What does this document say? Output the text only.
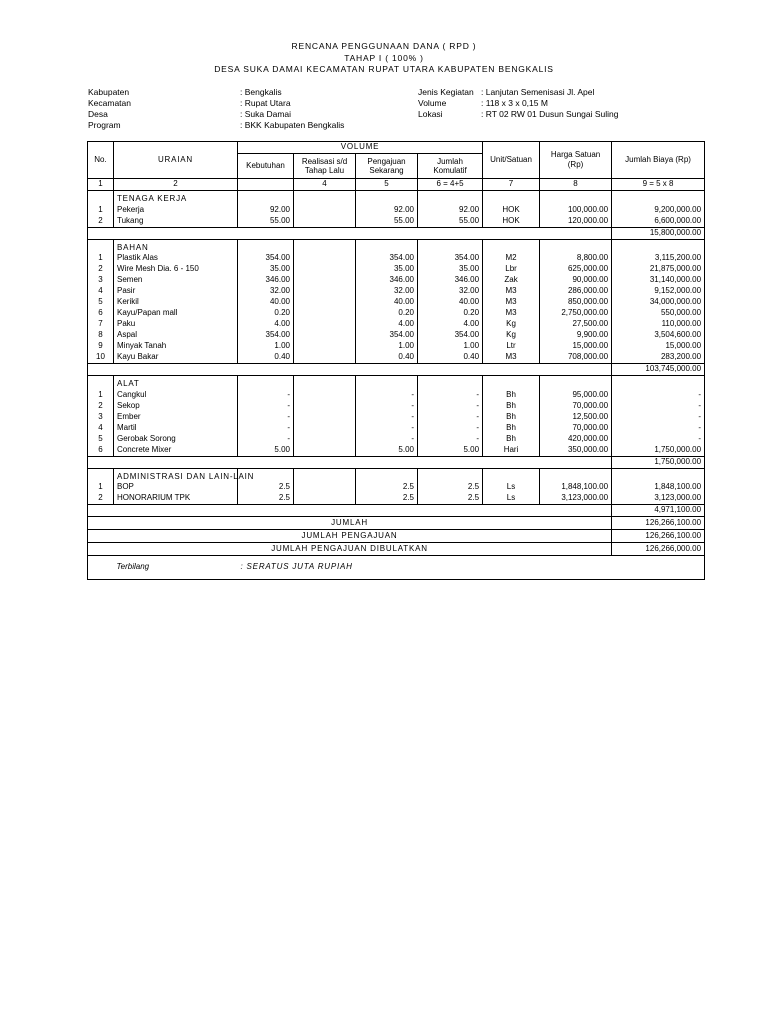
RENCANA PENGGUNAAN DANA ( RPD )
TAHAP I ( 100% )
DESA SUKA DAMAI KECAMATAN RUPAT UTARA KABUPATEN BENGKALIS
Kabupaten	: Bengkalis
Kecamatan	: Rupat Utara
Desa	: Suka Damai
Program	: BKK Kabupaten Bengkalis
Jenis Kegiatan : Lanjutan Semenisasi Jl. Apel
Volume	: 118 x 3 x 0,15 M
Lokasi	: RT 02 RW 01 Dusun Sungai Suling
No.	URAIAN	VOLUME				Unit/Satuan	Harga Satuan (Rp)	Jumlah Biaya (Rp)
		Kebutuhan	Realisasi s/d Tahap Lalu	Pengajuan Sekarang	Jumlah Komulatif			

1	2		4	5	6 = 4+5	7	8	9 = 5 x 8
	TENAGA KERJA							
1	Pekerja	92.00		92.00	92.00	HOK	100,000.00	9,200,000.00
2	Tukang	55.00		55.00	55.00	HOK	120,000.00	6,600,000.00
								15,800,000.00
	BAHAN							
1	Plastik Alas	354.00		354.00	354.00	M2	8,800.00	3,115,200.00
2	Wire Mesh Dia. 6 - 150	35.00		35.00	35.00	Lbr	625,000.00	21,875,000.00
3	Semen	346.00		346.00	346.00	Zak	90,000.00	31,140,000.00
4	Pasir	32.00		32.00	32.00	M3	286,000.00	9,152,000.00
5	Kerikil	40.00		40.00	40.00	M3	850,000.00	34,000,000.00
6	Kayu/Papan mall	0.20		0.20	0.20	M3	2,750,000.00	550,000.00
7	Paku	4.00		4.00	4.00	Kg	27,500.00	110,000.00
8	Aspal	354.00		354.00	354.00	Kg	9,900.00	3,504,600.00
9	Minyak Tanah	1.00		1.00	1.00	Ltr	15,000.00	15,000.00
10	Kayu Bakar	0.40		0.40	0.40	M3	708,000.00	283,200.00
								103,745,000.00
	ALAT							
1	Cangkul	-		-	-	Bh	95,000.00	-
2	Sekop	-		-	-	Bh	70,000.00	-
3	Ember	-		-	-	Bh	12,500.00	-
4	Martil	-		-	-	Bh	70,000.00	-
5	Gerobak Sorong	-		-	-	Bh	420,000.00	-
6	Concrete Mixer	5.00		5.00	5.00	Hari	350,000.00	1,750,000.00
								1,750,000.00
	ADMINISTRASI DAN LAIN-LAIN							
1	BOP	2.5		2.5	2.5	Ls	1,848,100.00	1,848,100.00
2	HONORARIUM TPK	2.5		2.5	2.5	Ls	3,123,000.00	3,123,000.00
								4,971,100.00
JUMLAH								126,266,100.00
JUMLAH PENGAJUAN								126,266,100.00
JUMLAH PENGAJUAN DIBULATKAN								126,266,000.00
	Terbilang	: SERATUS JUTA RUPIAH						
